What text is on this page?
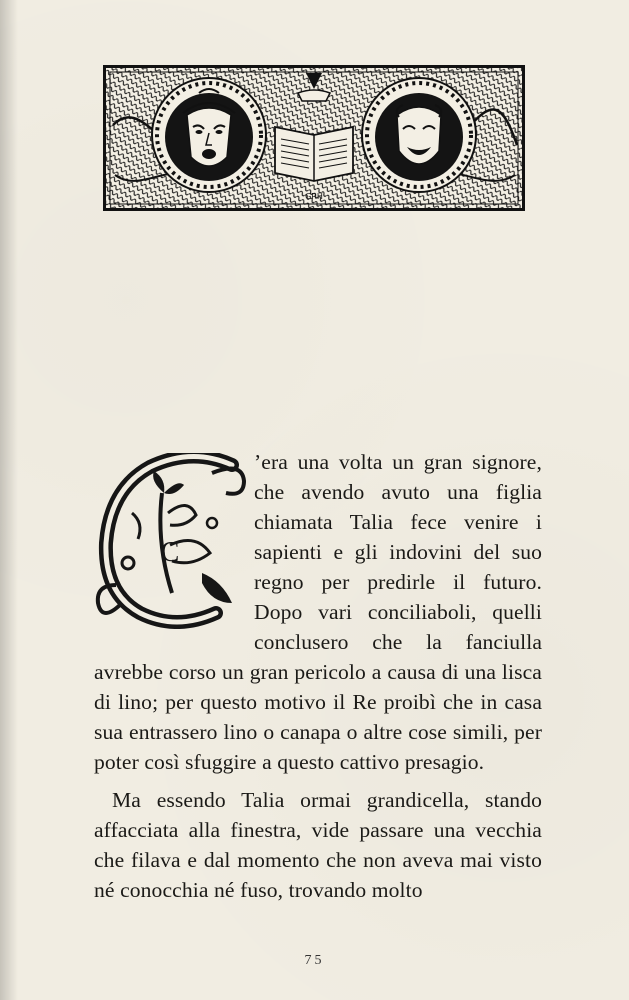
GRH

C
’era una volta un gran signore, che avendo avuto una figlia chiamata Talia fece venire i sapienti e gli indovini del suo regno per predirle il futuro. Dopo vari conciliaboli, quelli conclusero che la fanciulla avrebbe corso un gran pericolo a causa di una lisca di lino; per questo motivo il Re proibì che in casa sua entrassero lino o canapa o altre cose simili, per poter così sfuggire a questo cattivo presagio.

Ma essendo Talia ormai grandicella, stando affacciata alla finestra, vide passare una vecchia che filava e dal momento che non aveva mai visto né conocchia né fuso, trovando molto

75
